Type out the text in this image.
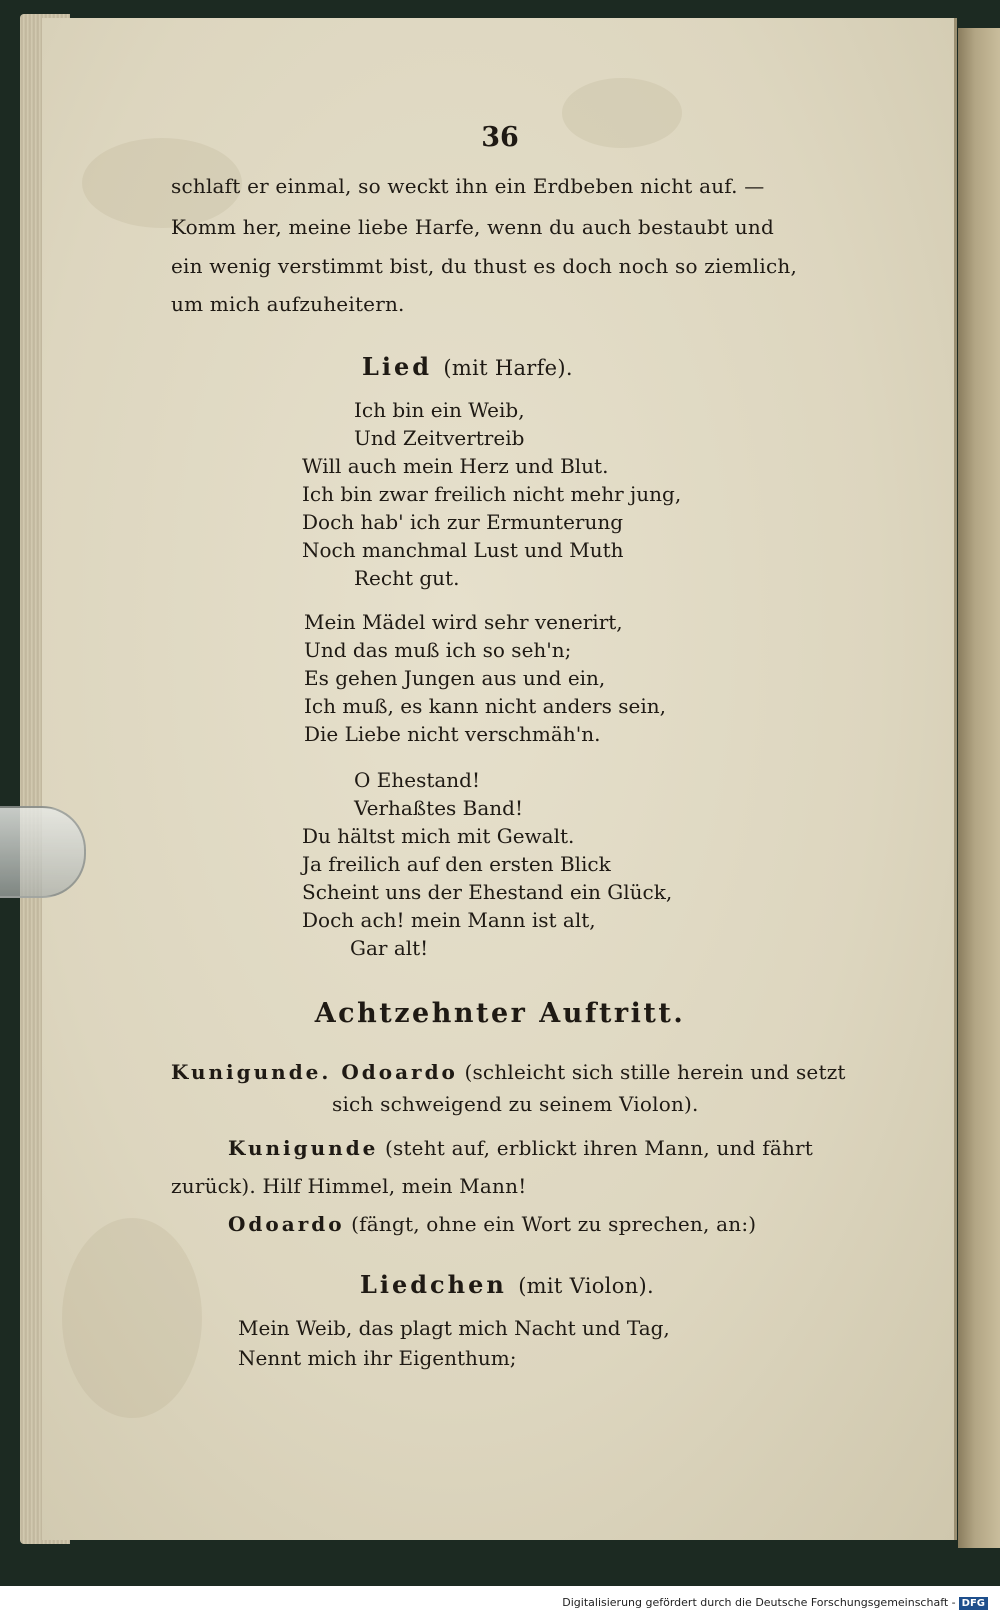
36
schlaft er einmal, so weckt ihn ein Erdbeben nicht auf. —
Komm her, meine liebe Harfe, wenn du auch bestaubt und
ein wenig verstimmt bist, du thust es doch noch so ziemlich,
um mich aufzuheitern.
Lied (mit Harfe).
Ich bin ein Weib,
Und Zeitvertreib
Will auch mein Herz und Blut.
Ich bin zwar freilich nicht mehr jung,
Doch hab' ich zur Ermunterung
Noch manchmal Lust und Muth
Recht gut.
Mein Mädel wird sehr venerirt,
Und das muß ich so seh'n;
Es gehen Jungen aus und ein,
Ich muß, es kann nicht anders sein,
Die Liebe nicht verschmäh'n.
O Ehestand!
Verhaßtes Band!
Du hältst mich mit Gewalt.
Ja freilich auf den ersten Blick
Scheint uns der Ehestand ein Glück,
Doch ach! mein Mann ist alt,
Gar alt!
Achtzehnter Auftritt.
Kunigunde. Odoardo (schleicht sich stille herein und setzt
sich schweigend zu seinem Violon).
Kunigunde (steht auf, erblickt ihren Mann, und fährt
zurück). Hilf Himmel, mein Mann!
Odoardo (fängt, ohne ein Wort zu sprechen, an:)
Liedchen (mit Violon).
Mein Weib, das plagt mich Nacht und Tag,
Nennt mich ihr Eigenthum;
Digitalisierung gefördert durch die Deutsche Forschungsgemeinschaft - DFG
